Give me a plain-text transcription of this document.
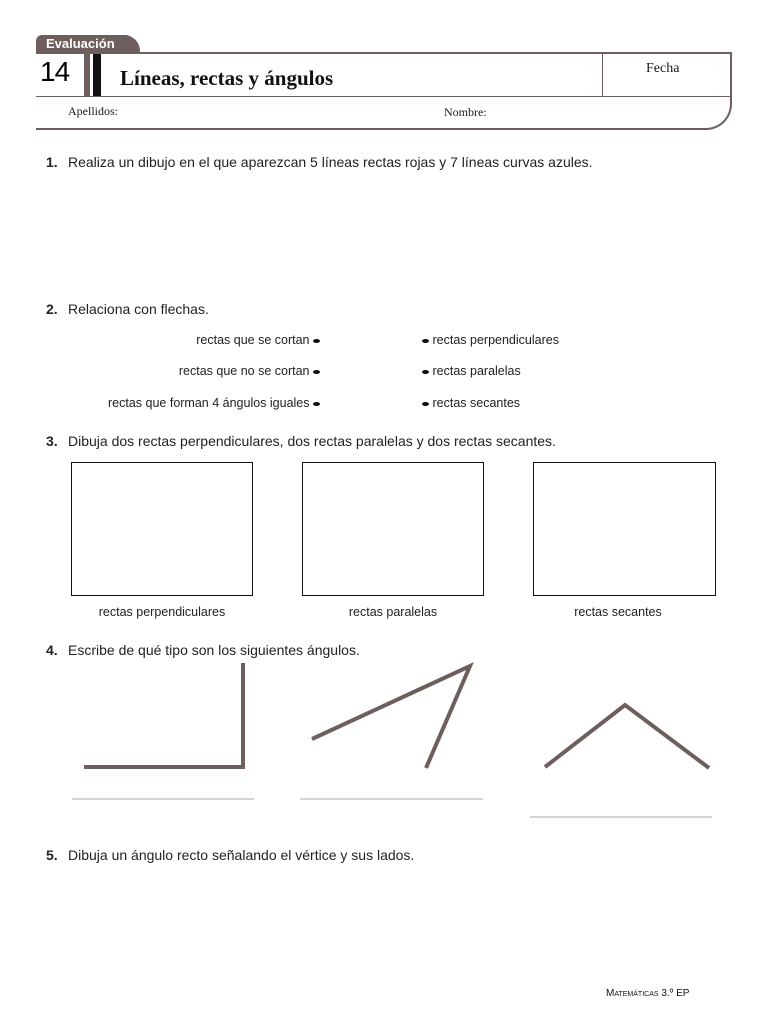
Evaluación
14	Líneas, rectas y ángulos	Fecha
Apellidos:	Nombre:
1. Realiza un dibujo en el que aparezcan 5 líneas rectas rojas y 7 líneas curvas azules.
2. Relaciona con flechas.
rectas que se cortan
rectas que no se cortan
rectas que forman 4 ángulos iguales
rectas perpendiculares
rectas paralelas
rectas secantes
3. Dibuja dos rectas perpendiculares, dos rectas paralelas y dos rectas secantes.
rectas perpendiculares	rectas paralelas	rectas secantes
4. Escribe de qué tipo son los siguientes ángulos.
5. Dibuja un ángulo recto señalando el vértice y sus lados.
Matemáticas 3.º EP
